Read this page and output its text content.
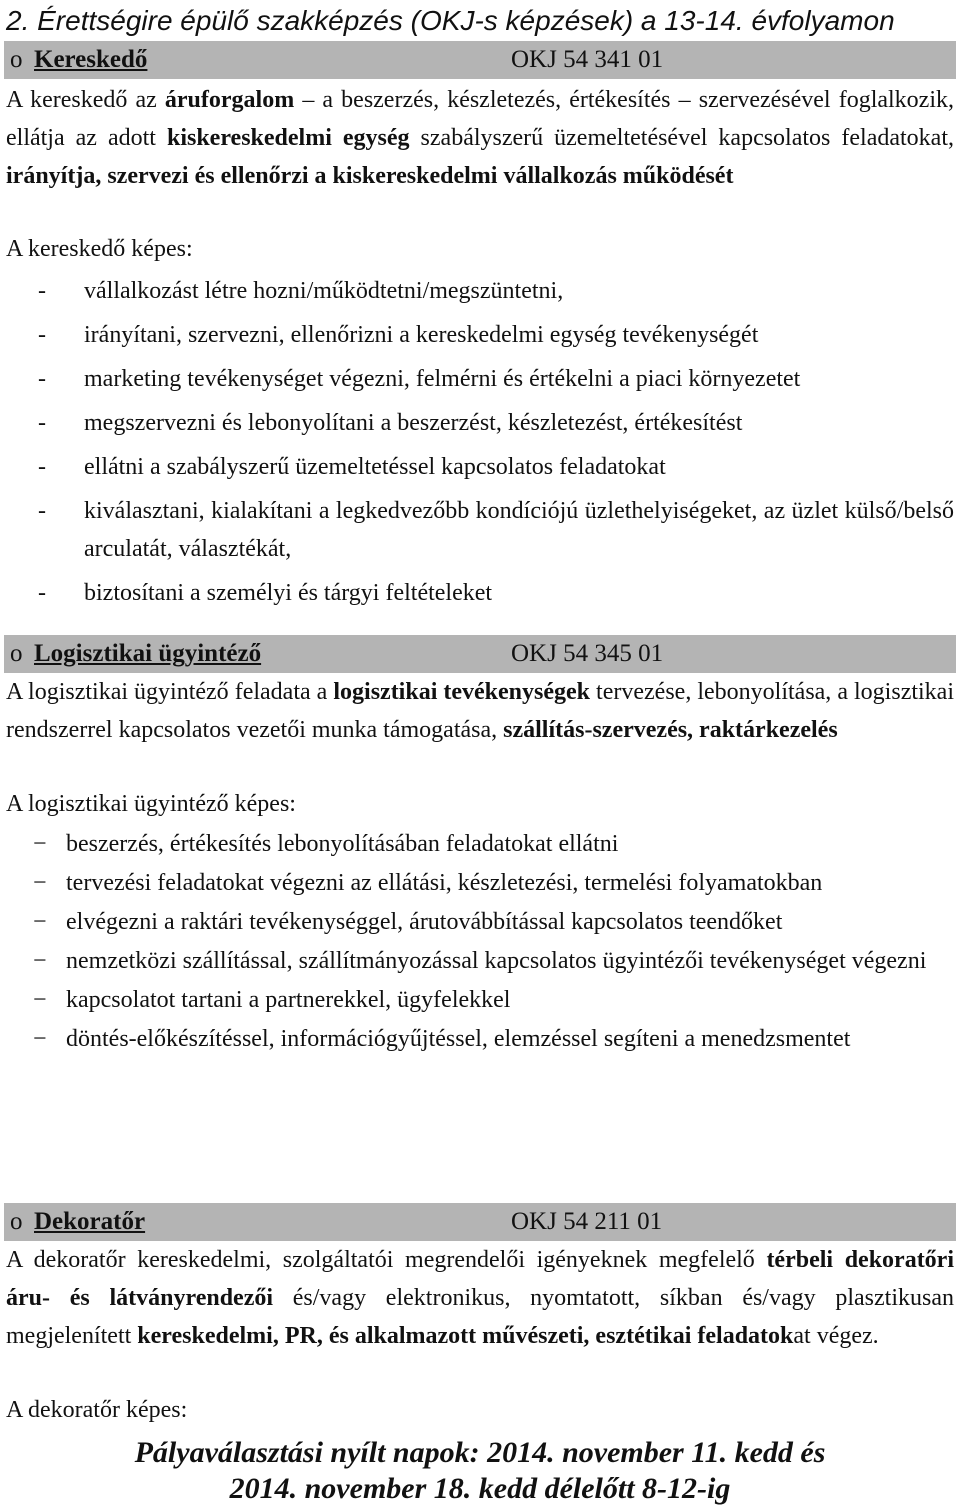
2. Érettségire épülő szakképzés (OKJ-s képzések) a 13-14. évfolyamon
o Kereskedő	OKJ 54 341 01

A kereskedő az áruforgalom – a beszerzés, készletezés, értékesítés – szervezésével foglalkozik, ellátja az adott kiskereskedelmi egység szabályszerű üzemeltetésével kapcsolatos feladatokat, irányítja, szervezi és ellenőrzi a kiskereskedelmi vállalkozás működését

A kereskedő képes:

- vállalkozást létre hozni/működtetni/megszüntetni,
- irányítani, szervezni, ellenőrizni a kereskedelmi egység tevékenységét
- marketing tevékenységet végezni, felmérni és értékelni a piaci környezetet
- megszervezni és lebonyolítani a beszerzést, készletezést, értékesítést
- ellátni a szabályszerű üzemeltetéssel kapcsolatos feladatokat
- kiválasztani, kialakítani a legkedvezőbb kondíciójú üzlethelyiségeket, az üzlet külső/belső arculatát, választékát,
- biztosítani a személyi és tárgyi feltételeket
o Logisztikai ügyintéző	OKJ 54 345 01

A logisztikai ügyintéző feladata a logisztikai tevékenységek tervezése, lebonyolítása, a logisztikai rendszerrel kapcsolatos vezetői munka támogatása, szállítás-szervezés, raktárkezelés

A logisztikai ügyintéző képes:

− beszerzés, értékesítés lebonyolításában feladatokat ellátni
− tervezési feladatokat végezni az ellátási, készletezési, termelési folyamatokban
− elvégezni a raktári tevékenységgel, árutovábbítással kapcsolatos teendőket
− nemzetközi szállítással, szállítmányozással kapcsolatos ügyintézői tevékenységet végezni
− kapcsolatot tartani a partnerekkel, ügyfelekkel
− döntés-előkészítéssel, információgyűjtéssel, elemzéssel segíteni a menedzsmentet
o Dekoratőr	OKJ 54 211 01

A dekoratőr kereskedelmi, szolgáltatói megrendelői igényeknek megfelelő térbeli dekoratőri áru- és látványrendezői és/vagy elektronikus, nyomtatott, síkban és/vagy plasztikusan megjelenített kereskedelmi, PR, és alkalmazott művészeti, esztétikai feladatokat végez.

A dekoratőr képes:

Pályaválasztási nyílt napok: 2014. november 11. kedd és

2014. november 18. kedd délelőtt 8-12-ig
